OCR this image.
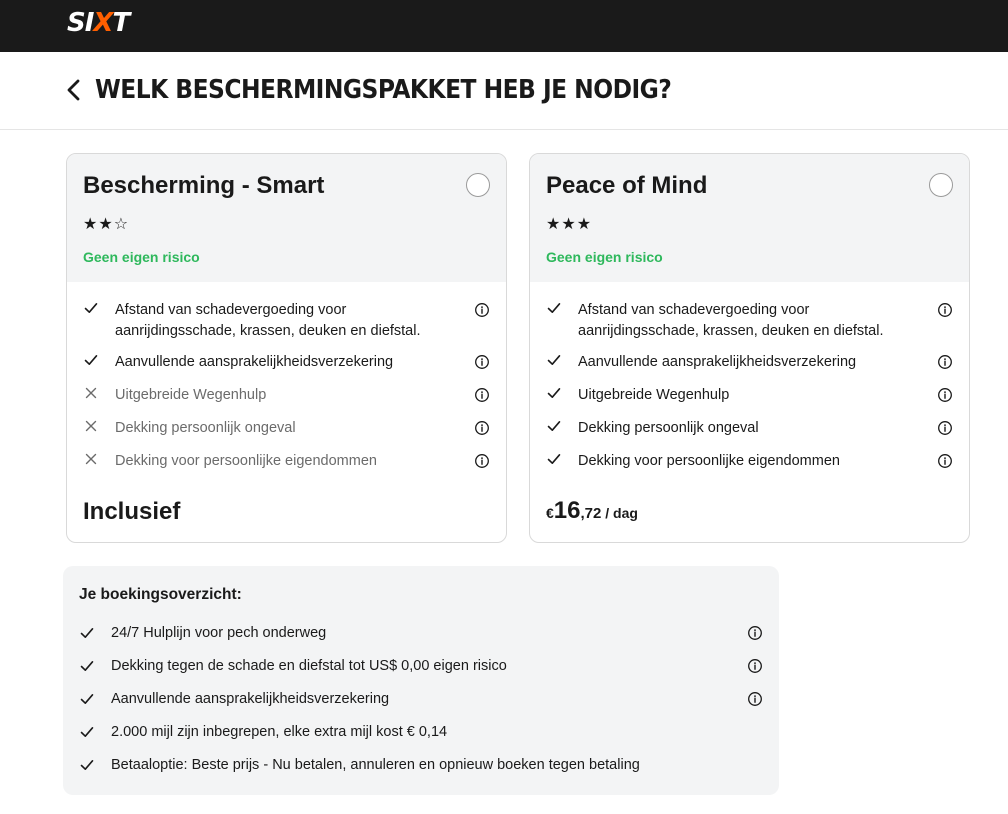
SIXT
WELK BESCHERMINGSPAKKET HEB JE NODIG?
Bescherming - Smart
★★☆
Geen eigen risico
Afstand van schadevergoeding voor aanrijdingsschade, krassen, deuken en diefstal.
Aanvullende aansprakelijkheidsverzekering
Uitgebreide Wegenhulp
Dekking persoonlijk ongeval
Dekking voor persoonlijke eigendommen
Inclusief
Peace of Mind
★★★
Geen eigen risico
Afstand van schadevergoeding voor aanrijdingsschade, krassen, deuken en diefstal.
Aanvullende aansprakelijkheidsverzekering
Uitgebreide Wegenhulp
Dekking persoonlijk ongeval
Dekking voor persoonlijke eigendommen
€16,72 / dag
Je boekingsoverzicht:
24/7 Hulplijn voor pech onderweg
Dekking tegen de schade en diefstal tot US$ 0,00 eigen risico
Aanvullende aansprakelijkheidsverzekering
2.000 mijl zijn inbegrepen, elke extra mijl kost € 0,14
Betaaloptie: Beste prijs - Nu betalen, annuleren en opnieuw boeken tegen betaling
